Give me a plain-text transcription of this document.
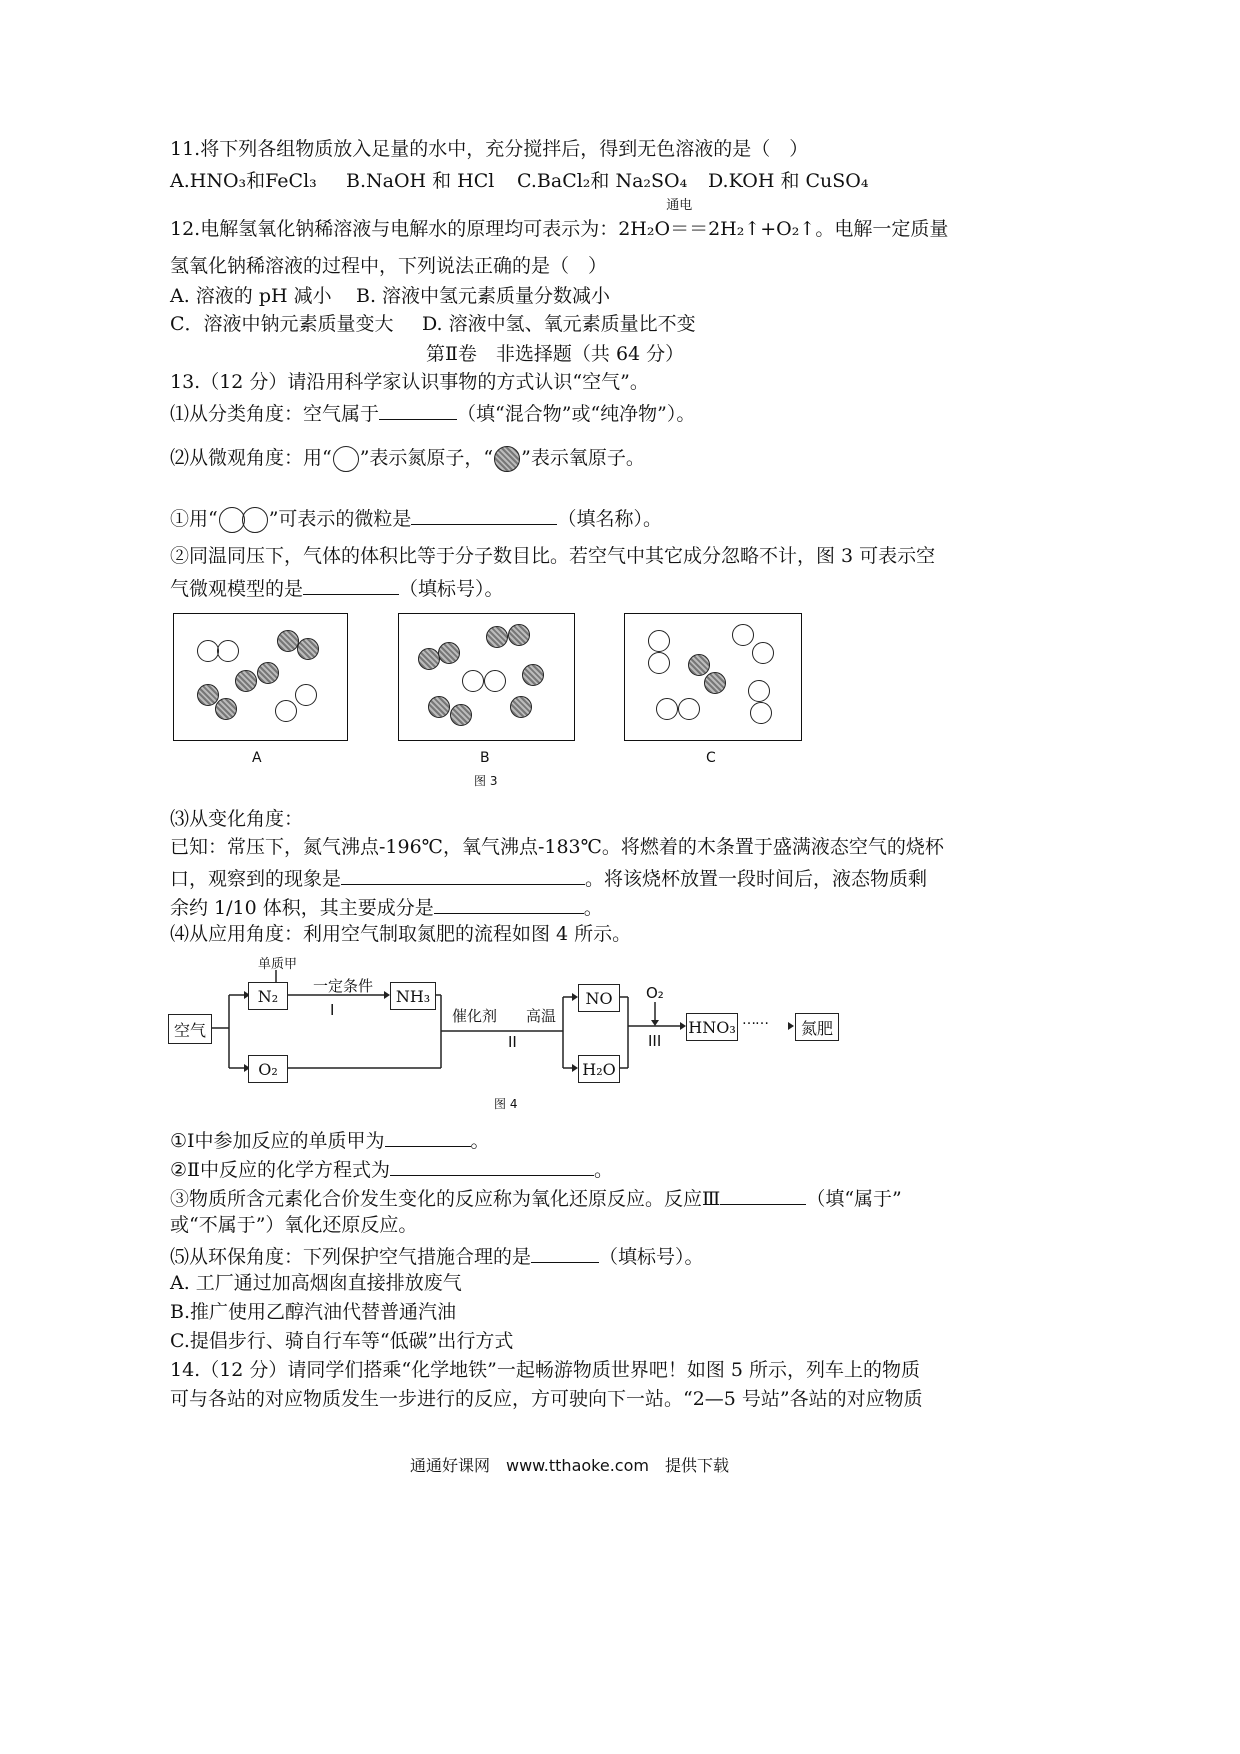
11.将下列各组物质放入足量的水中，充分搅拌后，得到无色溶液的是（　）
A.HNO₃和FeCl₃ B.NaOH 和 HCl C.BaCl₂和 Na₂SO₄ D.KOH 和 CuSO₄
12.电解氢氧化钠稀溶液与电解水的原理均可表示为：
通电
2H₂O＝＝2H₂↑+O₂↑。电解一定质量
氢氧化钠稀溶液的过程中，下列说法正确的是（　）
A. 溶液的 pH 减小 B. 溶液中氢元素质量分数减小
C．溶液中钠元素质量变大 D. 溶液中氢、氧元素质量比不变
第Ⅱ卷　非选择题（共 64 分）
13.（12 分）请沿用科学家认识事物的方式认识“空气”。
⑴从分类角度：空气属于	（填“混合物”或“纯净物”）。
⑵从微观角度：用“ ”表示氮原子，“ ”表示氧原子。
①用“	”可表示的微粒是	（填名称）。
②同温同压下，气体的体积比等于分子数目比。若空气中其它成分忽略不计，图 3 可表示空
气微观模型的是	（填标号）。
A	B	C
图 3
⑶从变化角度：
已知：常压下，氮气沸点-196℃，氧气沸点-183℃。将燃着的木条置于盛满液态空气的烧杯
口，观察到的现象是	。将该烧杯放置一段时间后，液态物质剩
余约 1/10 体积，其主要成分是	。
⑷从应用角度：利用空气制取氮肥的流程如图 4 所示。
空气
N₂
O₂
NH₃	NO
H₂O
HNO₃	氮肥
单质甲
一定条件
I	催化剂 高温
II
O₂
III
……
图 4
①Ⅰ中参加反应的单质甲为	。
②Ⅱ中反应的化学方程式为	。
③物质所含元素化合价发生变化的反应称为氧化还原反应。反应Ⅲ	（填“属于”
或“不属于”）氧化还原反应。
⑸从环保角度：下列保护空气措施合理的是	（填标号）。
A. 工厂通过加高烟囱直接排放废气
B.推广使用乙醇汽油代替普通汽油
C.提倡步行、骑自行车等“低碳”出行方式
14.（12 分）请同学们搭乘“化学地铁”一起畅游物质世界吧！如图 5 所示，列车上的物质
可与各站的对应物质发生一步进行的反应，方可驶向下一站。“2—5 号站”各站的对应物质
通通好课网　www.tthaoke.com　提供下载
